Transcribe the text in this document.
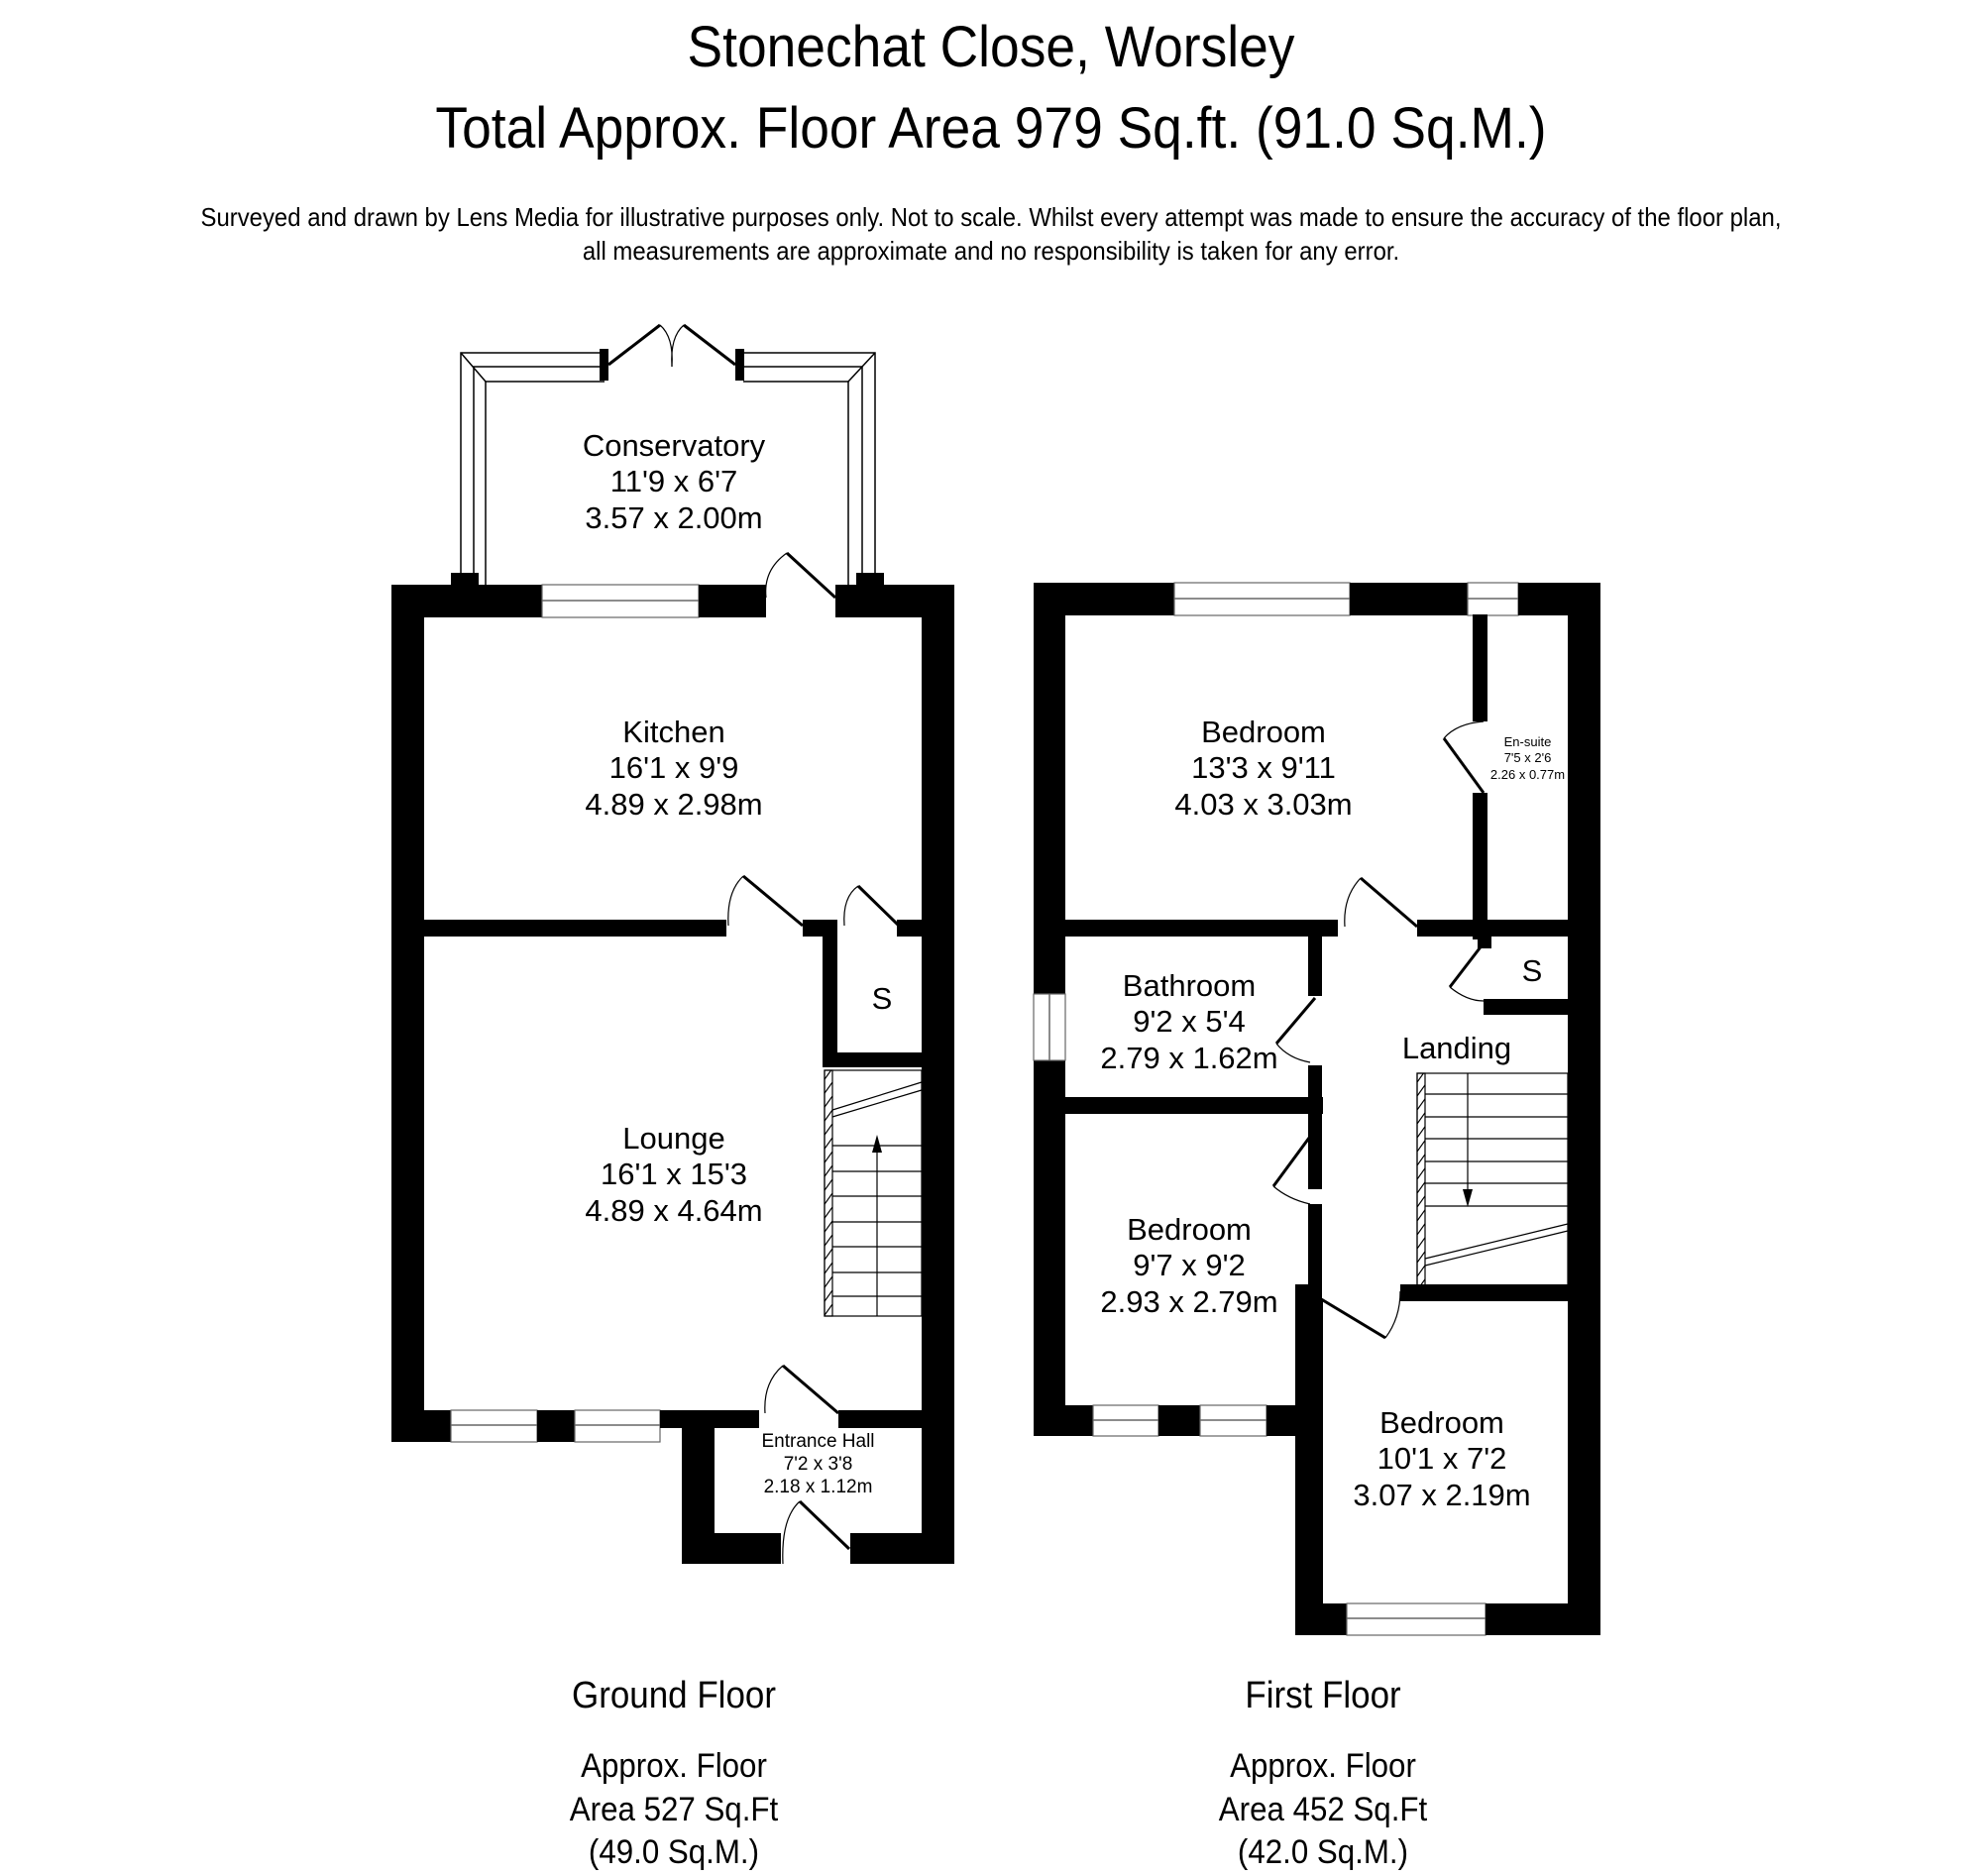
Stonechat Close, Worsley
Total Approx. Floor Area 979 Sq.ft. (91.0 Sq.M.)
Surveyed and drawn by Lens Media for illustrative purposes only. Not to scale. Whilst every attempt was made to ensure the accuracy of the floor plan,
all measurements are approximate and no responsibility is taken for any error.
Conservatory
11'9 x 6'7
3.57 x 2.00m
Kitchen
16'1 x 9'9
4.89 x 2.98m
S
Lounge
16'1 x 15'3
4.89 x 4.64m
Entrance Hall
7'2 x 3'8
2.18 x 1.12m
Bedroom
13'3 x 9'11
4.03 x 3.03m
En-suite
7'5 x 2'6
2.26 x 0.77m
Bathroom
9'2 x 5'4
2.79 x 1.62m
S
Landing
Bedroom
9'7 x 9'2
2.93 x 2.79m
Bedroom
10'1 x 7'2
3.07 x 2.19m
Ground Floor
Approx. Floor
Area 527 Sq.Ft
(49.0 Sq.M.)
First Floor
Approx. Floor
Area 452 Sq.Ft
(42.0 Sq.M.)
